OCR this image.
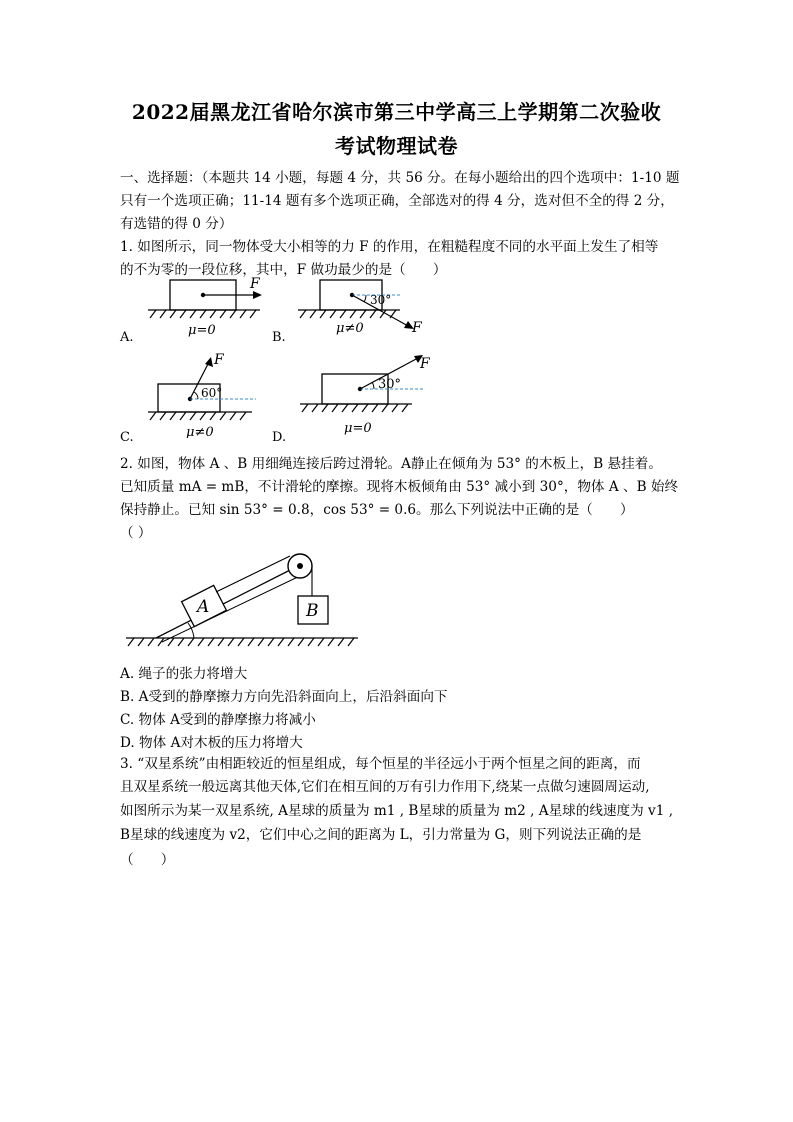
2022届黑龙江省哈尔滨市第三中学高三上学期第二次验收
考试物理试卷
一、选择题：（本题共 14 小题，每题 4 分，共 56 分。在每小题给出的四个选项中：1-10 题
只有一个选项正确；11-14 题有多个选项正确，全部选对的得 4 分，选对但不全的得 2 分，
有选错的得 0 分）
1. 如图所示，同一物体受大小相等的力 F 的作用，在粗糙程度不同的水平面上发生了相等
的不为零的一段位移，其中，F 做功最少的是（　　）
F
μ=0
A.
30°
F
μ≠0
B.
60°
F
μ≠0
C.
30°
F
μ=0
D.
2. 如图，物体 A 、B 用细绳连接后跨过滑轮。A静止在倾角为 53° 的木板上，B 悬挂着。
已知质量 mA = mB，不计滑轮的摩擦。现将木板倾角由 53° 减小到 30°，物体 A 、B 始终
保持静止。已知 sin 53° = 0.8，cos 53° = 0.6。那么下列说法中正确的是（　　）
（ ）
A	B
A. 绳子的张力将增大
B. A受到的静摩擦力方向先沿斜面向上，后沿斜面向下
C. 物体 A受到的静摩擦力将减小
D. 物体 A对木板的压力将增大
3. “双星系统”由相距较近的恒星组成，每个恒星的半径远小于两个恒星之间的距离，而
且双星系统一般远离其他天体,它们在相互间的万有引力作用下,绕某一点做匀速圆周运动,
如图所示为某一双星系统, A星球的质量为 m1 , B星球的质量为 m2 , A星球的线速度为 v1 ,
B星球的线速度为 v2，它们中心之间的距离为 L，引力常量为 G，则下列说法正确的是
（　　）
